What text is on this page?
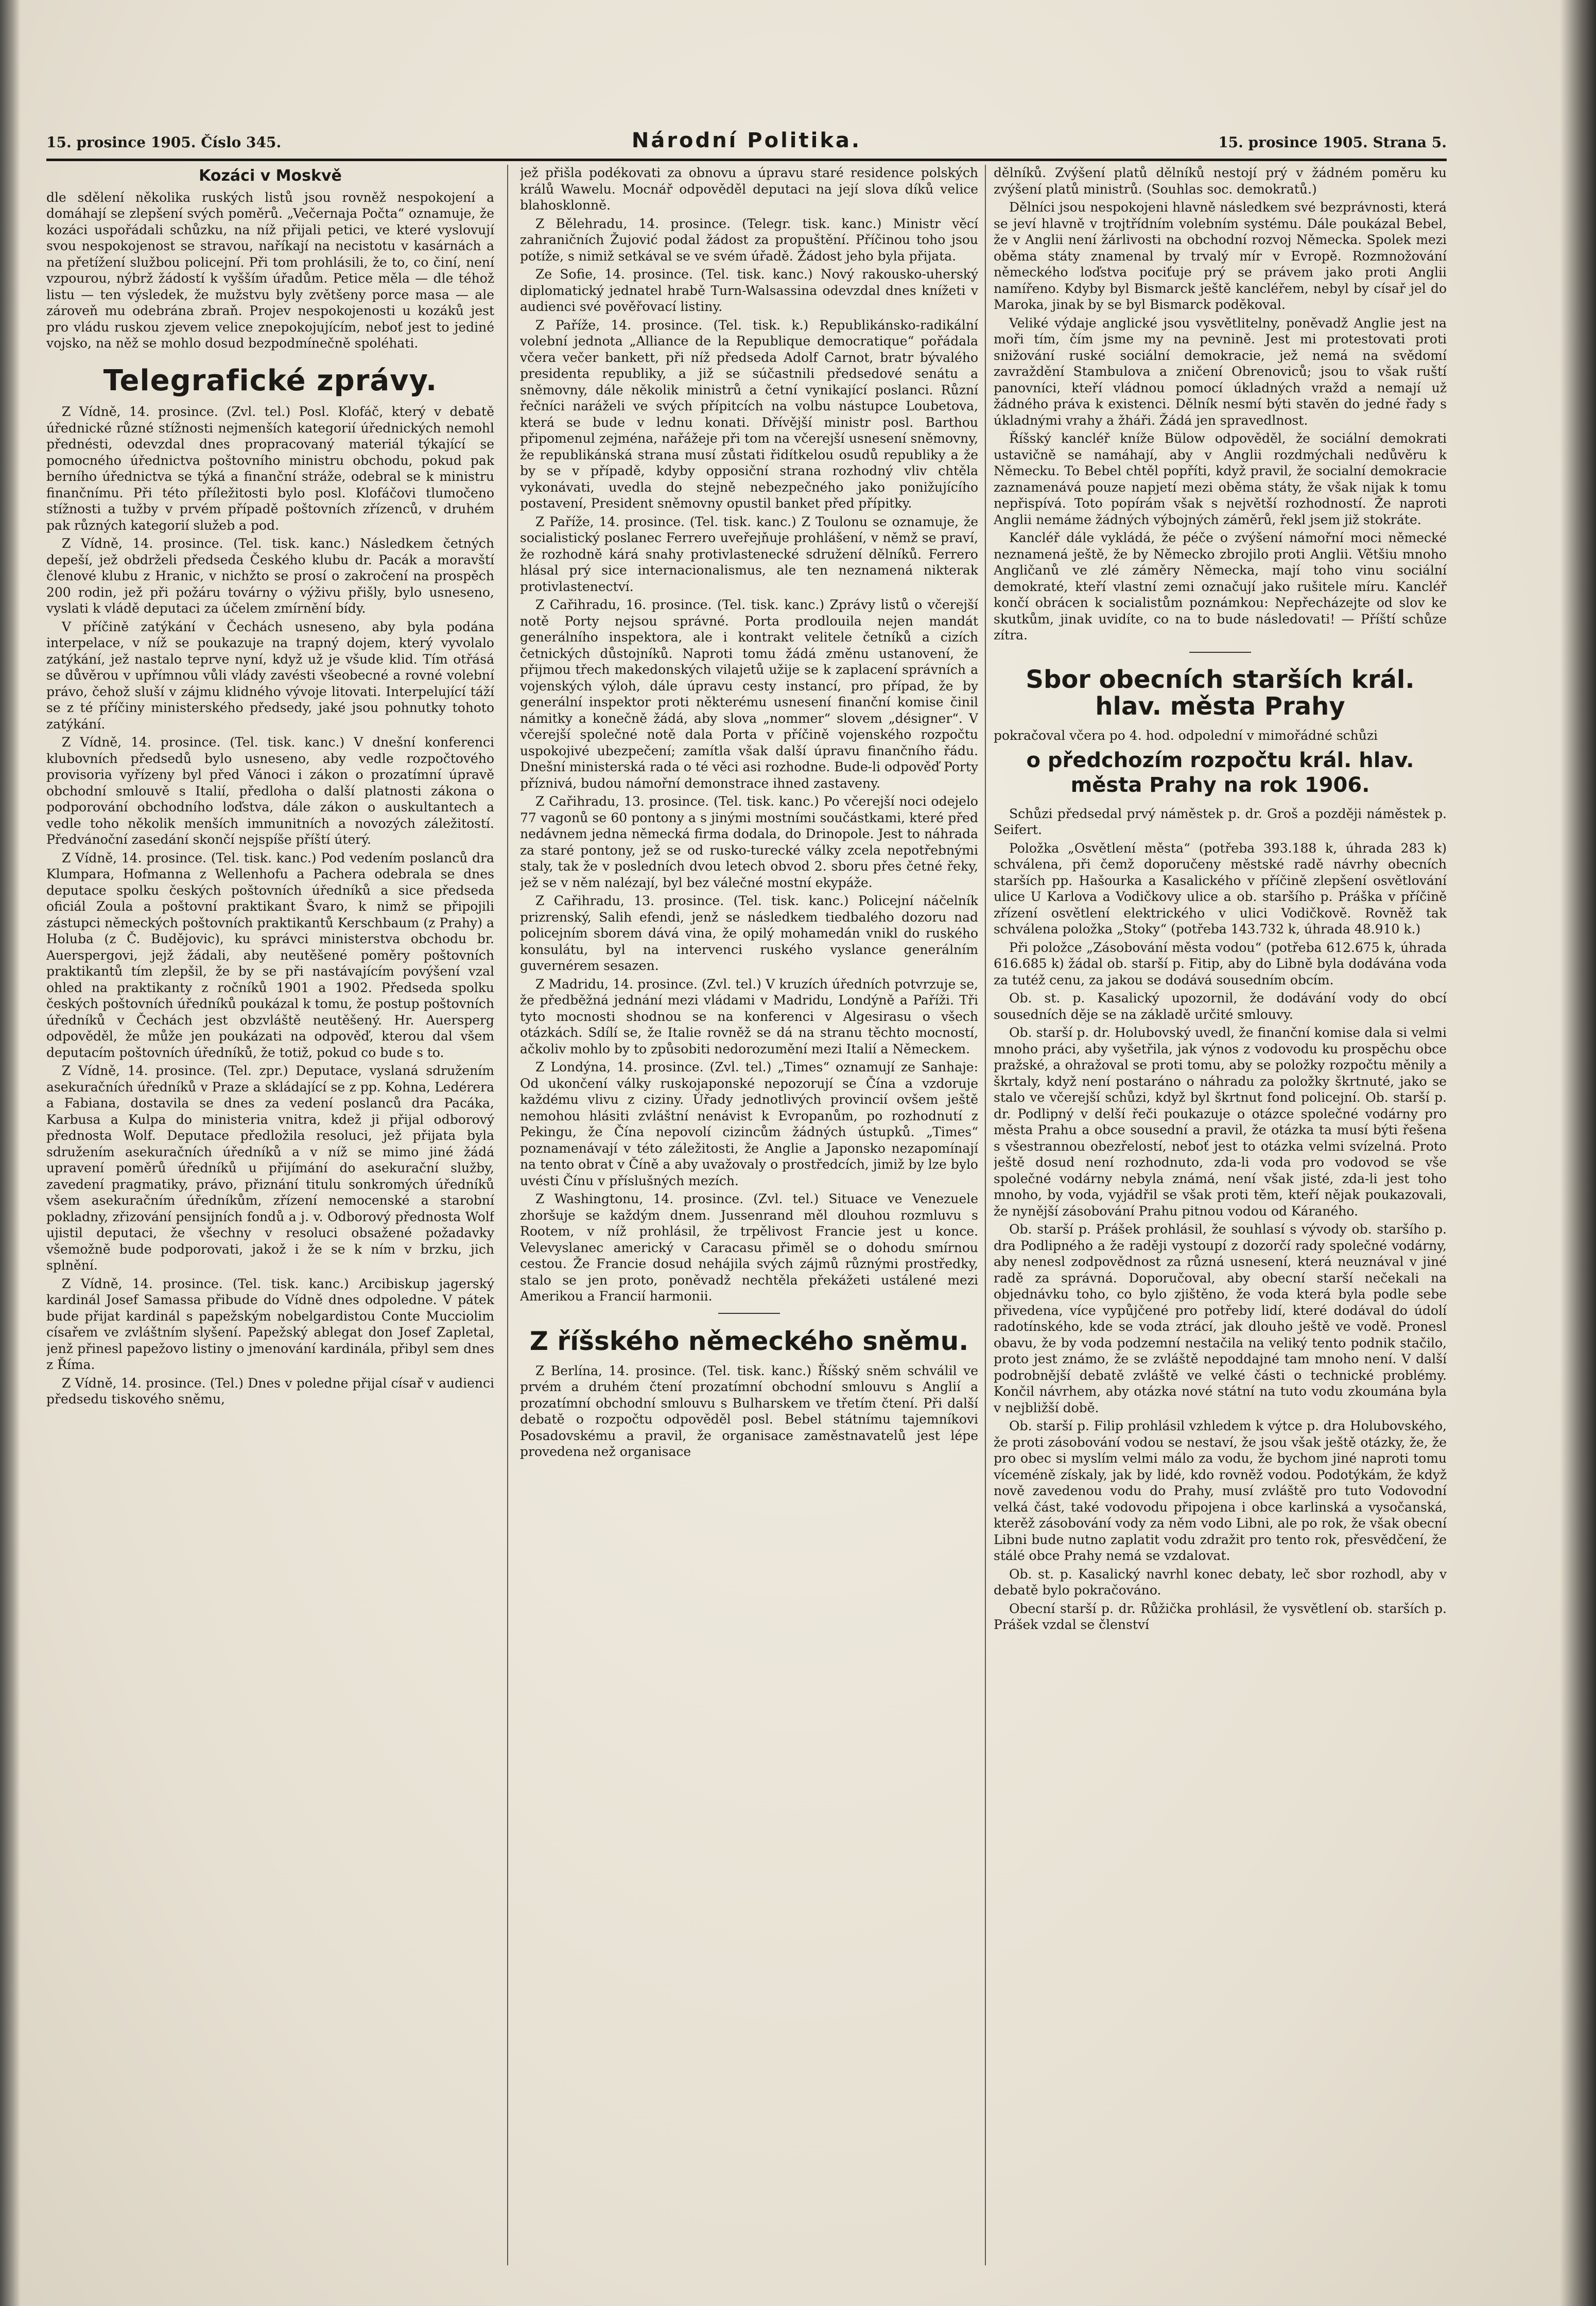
15. prosince 1905. Číslo 345.	Národní Politika.	15. prosince 1905. Strana 5.
Kozáci v Moskvě

dle sdělení několika ruských listů jsou rovněž nespokojení a domáhají se zlepšení svých poměrů. „Večernaja Počta“ oznamuje, že kozáci uspořádali schůzku, na níž přijali petici, ve které vyslovují svou nespokojenost se stravou, naříkají na necistotu v kasárnách a na přetížení službou policejní. Při tom prohlásili, že to, co činí, není vzpourou, nýbrž žádostí k vyšším úřadům. Petice měla — dle téhož listu — ten výsledek, že mužstvu byly zvětšeny porce masa — ale zároveň mu odebrána zbraň. Projev nespokojenosti u kozáků jest pro vládu ruskou zjevem velice znepokojujícím, neboť jest to jediné vojsko, na něž se mohlo dosud bezpodmínečně spoléhati.

Telegrafické zprávy.

Z Vídně, 14. prosince. (Zvl. tel.) Posl. Klofáč, který v debatě úřednické různé stížnosti nejmenších kategorií úřednických nemohl přednésti, odevzdal dnes propracovaný materiál týkající se pomocného úřednictva poštovního ministru obchodu, pokud pak berního úřednictva se týká a finanční stráže, odebral se k ministru finančnímu. Při této příležitosti bylo posl. Klofáčovi tlumočeno stížnosti a tužby v prvém případě poštovních zřízenců, v druhém pak různých kategorií služeb a pod.

Z Vídně, 14. prosince. (Tel. tisk. kanc.) Následkem četných depeší, jež obdrželi předseda Českého klubu dr. Pacák a moravští členové klubu z Hranic, v nichžto se prosí o zakročení na prospěch 200 rodin, jež při požáru továrny o výživu přišly, bylo usneseno, vyslati k vládě deputaci za účelem zmírnění bídy.

V příčině zatýkání v Čechách usneseno, aby byla podána interpelace, v níž se poukazuje na trapný dojem, který vyvolalo zatýkání, jež nastalo teprve nyní, když už je všude klid. Tím otřásá se důvěrou v upřímnou vůli vlády zavésti všeobecné a rovné volební právo, čehož sluší v zájmu klidného vývoje litovati. Interpelující táží se z té příčiny ministerského předsedy, jaké jsou pohnutky tohoto zatýkání.

Z Vídně, 14. prosince. (Tel. tisk. kanc.) V dnešní konferenci klubovních předsedů bylo usneseno, aby vedle rozpočtového provisoria vyřízeny byl před Vánoci i zákon o prozatímní úpravě obchodní smlouvě s Italií, předloha o další platnosti zákona o podporování obchodního loďstva, dále zákon o auskultantech a vedle toho několik menších immunitních a novozých záležitostí. Předvánoční zasedání skončí nejspíše příští úterý.

Z Vídně, 14. prosince. (Tel. tisk. kanc.) Pod vedením poslanců dra Klumpara, Hofmanna z Wellenhofu a Pachera odebrala se dnes deputace spolku českých poštovních úředníků a sice předseda oficiál Zoula a poštovní praktikant Švaro, k nimž se připojili zástupci německých poštovních praktikantů Kerschbaum (z Prahy) a Holuba (z Č. Budějovic), ku správci ministerstva obchodu br. Auerspergovi, jejž žádali, aby neutěšené poměry poštovních praktikantů tím zlepšil, že by se při nastávajícím povýšení vzal ohled na praktikanty z ročníků 1901 a 1902. Předseda spolku českých poštovních úředníků poukázal k tomu, že postup poštovních úředníků v Čechách jest obzvláště neutěšený. Hr. Auersperg odpověděl, že může jen poukázati na odpověď, kterou dal všem deputacím poštovních úředníků, že totiž, pokud co bude s to.

Z Vídně, 14. prosince. (Tel. zpr.) Deputace, vyslaná sdružením asekuračních úředníků v Praze a skládající se z pp. Kohna, Ledérera a Fabiana, dostavila se dnes za vedení poslanců dra Pacáka, Karbusa a Kulpa do ministeria vnitra, kdež ji přijal odborový přednosta Wolf. Deputace předložila resoluci, jež přijata byla sdružením asekuračních úředníků a v níž se mimo jiné žádá upravení poměrů úředníků u přijímání do asekurační služby, zavedení pragmatiky, právo, přiznání titulu sonkromých úředníků všem asekuračním úředníkům, zřízení nemocenské a starobní pokladny, zřizování pensijních fondů a j. v. Odborový přednosta Wolf ujistil deputaci, že všechny v resoluci obsažené požadavky všemožně bude podporovati, jakož i že se k ním v brzku, jich splnění.

Z Vídně, 14. prosince. (Tel. tisk. kanc.) Arcibiskup jagerský kardinál Josef Samassa přibude do Vídně dnes odpoledne. V pátek bude přijat kardinál s papežským nobelgardistou Conte Mucciolim císařem ve zvláštním slyšení. Papežský ablegat don Josef Zapletal, jenž přinesl papežovo listiny o jmenování kardinála, přibyl sem dnes z Říma.

Z Vídně, 14. prosince. (Tel.) Dnes v poledne přijal císař v audienci předsedu tiskového sněmu,

jež přišla podékovati za obnovu a úpravu staré residence polských králů Wawelu. Mocnář odpověděl deputaci na její slova díků velice blahosklonně.

Z Bělehradu, 14. prosince. (Telegr. tisk. kanc.) Ministr věcí zahraničních Žujović podal žádost za propuštění. Příčinou toho jsou potíže, s nimiž setkával se ve svém úřadě. Žádost jeho byla přijata.

Ze Sofie, 14. prosince. (Tel. tisk. kanc.) Nový rakousko-uherský diplomatický jednatel hrabě Turn-Walsassina odevzdal dnes knížeti v audienci své pověřovací listiny.

Z Paříže, 14. prosince. (Tel. tisk. k.) Republikánsko-radikální volební jednota „Alliance de la Republique democratique“ pořádala včera večer bankett, při níž předseda Adolf Carnot, bratr bývalého presidenta republiky, a již se súčastnili předsedové senátu a sněmovny, dále několik ministrů a četní vynikající poslanci. Různí řečníci naráželi ve svých přípitcích na volbu nástupce Loubetova, která se bude v lednu konati. Dřívější ministr posl. Barthou připomenul zejména, nařážeje při tom na včerejší usnesení sněmovny, že republikánská strana musí zůstati řidítkelou osudů republiky a že by se v případě, kdyby opposiční strana rozhodný vliv chtěla vykonávati, uvedla do stejně nebezpečného jako ponižujícího postavení, President sněmovny opustil banket před přípitky.

Z Paříže, 14. prosince. (Tel. tisk. kanc.) Z Toulonu se oznamuje, že socialistický poslanec Ferrero uveřejňuje prohlášení, v němž se praví, že rozhodně kárá snahy protivlastenecké sdružení dělníků. Ferrero hlásal prý sice internacionalismus, ale ten neznamená nikterak protivlastenectví.

Z Cařihradu, 16. prosince. (Tel. tisk. kanc.) Zprávy listů o včerejší notě Porty nejsou správné. Porta prodlouila nejen mandát generálního inspektora, ale i kontrakt velitele četníků a cizích četnických důstojníků. Naproti tomu žádá změnu ustanovení, že přijmou třech makedonských vilajetů užije se k zaplacení správních a vojenských výloh, dále úpravu cesty instancí, pro případ, že by generální inspektor proti některému usnesení finanční komise činil námitky a konečně žádá, aby slova „nommer“ slovem „désigner“. V včerejší společné notě dala Porta v příčině vojenského rozpočtu uspokojivé ubezpečení; zamítla však další úpravu finančního řádu. Dnešní ministerská rada o té věci asi rozhodne. Bude-li odpověď Porty příznivá, budou námořní demonstrace ihned zastaveny.

Z Cařihradu, 13. prosince. (Tel. tisk. kanc.) Po včerejší noci odejelo 77 vagonů se 60 pontony a s jinými mostními součástkami, které před nedávnem jedna německá firma dodala, do Drinopole. Jest to náhrada za staré pontony, jež se od rusko-turecké války zcela nepotřebnými staly, tak že v posledních dvou letech obvod 2. sboru přes četné řeky, jež se v něm nalézají, byl bez válečné mostní ekypáže.

Z Cařihradu, 13. prosince. (Tel. tisk. kanc.) Policejní náčelník prizrenský, Salih efendi, jenž se následkem tiedbalého dozoru nad policejním sborem dává vina, že opilý mohamedán vnikl do ruského konsulátu, byl na intervenci ruského vyslance generálním guvernérem sesazen.

Z Madridu, 14. prosince. (Zvl. tel.) V kruzích úředních potvrzuje se, že předběžná jednání mezi vládami v Madridu, Londýně a Paříži. Tři tyto mocnosti shodnou se na konferenci v Algesirasu o všech otázkách. Sdílí se, že Italie rovněž se dá na stranu těchto mocností, ačkoliv mohlo by to způsobiti nedorozumění mezi Italií a Německem.

Z Londýna, 14. prosince. (Zvl. tel.) „Times“ oznamují ze Sanhaje: Od ukončení války ruskojaponské nepozorují se Čína a vzdoruje každému vlivu z ciziny. Úřady jednotlivých provincií ovšem ještě nemohou hlásiti zvláštní nenávist k Evropanům, po rozhodnutí z Pekingu, že Čína nepovolí cizincům žádných ústupků. „Times“ poznamenávají v této záležitosti, že Anglie a Japonsko nezapomínají na tento obrat v Číně a aby uvažovaly o prostředcích, jimiž by lze bylo uvésti Čínu v příslušných mezích.

Z Washingtonu, 14. prosince. (Zvl. tel.) Situace ve Venezuele zhoršuje se každým dnem. Jussenrand měl dlouhou rozmluvu s Rootem, v níž prohlásil, že trpělivost Francie jest u konce. Velevyslanec americký v Caracasu přiměl se o dohodu smírnou cestou. Že Francie dosud nehájila svých zájmů různými prostředky, stalo se jen proto, poněvadž nechtěla překážeti ustálené mezi Amerikou a Francií harmonii.

Z říšského německého sněmu.

Z Berlína, 14. prosince. (Tel. tisk. kanc.) Říšský sněm schválil ve prvém a druhém čtení prozatímní obchodní smlouvu s Anglií a prozatímní obchodní smlouvu s Bulharskem ve třetím čtení. Při další debatě o rozpočtu odpověděl posl. Bebel státnímu tajemníkovi Posadovskému a pravil, že organisace zaměstnavatelů jest lépe provedena než organisace

dělníků. Zvýšení platů dělníků nestojí prý v žádném poměru ku zvýšení platů ministrů. (Souhlas soc. demokratů.)

Dělníci jsou nespokojeni hlavně následkem své bezprávnosti, která se jeví hlavně v trojtřídním volebním systému. Dále poukázal Bebel, že v Anglii není žárlivosti na obchodní rozvoj Německa. Spolek mezi oběma státy znamenal by trvalý mír v Evropě. Rozmnožování německého loďstva pociťuje prý se právem jako proti Anglii namířeno. Kdyby byl Bismarck ještě kancléřem, nebyl by císař jel do Maroka, jinak by se byl Bismarck poděkoval.

Veliké výdaje anglické jsou vysvětlitelny, poněvadž Anglie jest na moři tím, čím jsme my na pevnině. Jest mi protestovati proti snižování ruské sociální demokracie, jež nemá na svědomí zavraždění Stambulova a zničení Obrenoviců; jsou to však ruští panovníci, kteří vládnou pomocí úkladných vražd a nemají už žádného práva k existenci. Dělník nesmí býti stavěn do jedné řady s úkladnými vrahy a žháři. Žádá jen spravedlnost.

Říšský kancléř kníže Bülow odpověděl, že sociální demokrati ustavičně se namáhají, aby v Anglii rozdmýchali nedůvěru k Německu. To Bebel chtěl popříti, když pravil, že socialní demokracie zaznamenává pouze napjetí mezi oběma státy, že však nijak k tomu nepřispívá. Toto popírám však s největší rozhodností. Že naproti Anglii nemáme žádných výbojných záměrů, řekl jsem již stokráte.

Kancléř dále vykládá, že péče o zvýšení námořní moci německé neznamená ještě, že by Německo zbrojilo proti Anglii. Většiu mnoho Angličanů ve zlé záměry Německa, mají toho vinu sociální demokraté, kteří vlastní zemi označují jako rušitele míru. Kancléř končí obrácen k socialistům poznámkou: Nepřecházejte od slov ke skutkům, jinak uvidíte, co na to bude následovati! — Příští schůze zítra.

Sbor obecních starších král. hlav. města Prahy

pokračoval včera po 4. hod. odpolední v mimořádné schůzi

o předchozím rozpočtu král. hlav. města Prahy na rok 1906.

Schůzi předsedal prvý náměstek p. dr. Groš a později náměstek p. Seifert.

Položka „Osvětlení města“ (potřeba 393.188 k, úhrada 283 k) schválena, při čemž doporučeny městské radě návrhy obecních starších pp. Hašourka a Kasalického v příčině zlepšení osvětlování ulice U Karlova a Vodičkovy ulice a ob. staršího p. Práška v příčině zřízení osvětlení elektrického v ulici Vodičkově. Rovněž tak schválena položka „Stoky“ (potřeba 143.732 k, úhrada 48.910 k.)

Při položce „Zásobování města vodou“ (potřeba 612.675 k, úhrada 616.685 k) žádal ob. starší p. Fitip, aby do Libně byla dodávána voda za tutéž cenu, za jakou se dodává sousedním obcím.

Ob. st. p. Kasalický upozornil, že dodávání vody do obcí sousedních děje se na základě určité smlouvy.

Ob. starší p. dr. Holubovský uvedl, že finanční komise dala si velmi mnoho práci, aby vyšetřila, jak výnos z vodovodu ku prospěchu obce pražské, a ohražoval se proti tomu, aby se položky rozpočtu měnily a škrtaly, když není postaráno o náhradu za položky škrtnuté, jako se stalo ve včerejší schůzi, když byl škrtnut fond policejní. Ob. starší p. dr. Podlipný v delší řeči poukazuje o otázce společné vodárny pro města Prahu a obce sousední a pravil, že otázka ta musí býti řešena s všestrannou obezřelostí, neboť jest to otázka velmi svízelná. Proto ještě dosud není rozhodnuto, zda-li voda pro vodovod se vše společné vodárny nebyla známá, není však jisté, zda-li jest toho mnoho, by voda, vyjádřil se však proti těm, kteří nějak poukazovali, že nynější zásobování Prahu pitnou vodou od Káraného.

Ob. starší p. Prášek prohlásil, že souhlasí s vývody ob. staršího p. dra Podlipného a že raději vystoupí z dozorčí rady společné vodárny, aby nenesl zodpovědnost za různá usnesení, která neuznával v jiné radě za správná. Doporučoval, aby obecní starší nečekali na objednávku toho, co bylo zjištěno, že voda která byla podle sebe přivedena, více vypůjčené pro potřeby lidí, které dodával do údolí radotínského, kde se voda ztrácí, jak dlouho ještě ve vodě. Pronesl obavu, že by voda podzemní nestačila na veliký tento podnik stačilo, proto jest známo, že se zvláště nepoddajné tam mnoho není. V další podrobnější debatě zvláště ve velké části o technické problémy. Končil návrhem, aby otázka nové státní na tuto vodu zkoumána byla v nejbližší době.

Ob. starší p. Filip prohlásil vzhledem k výtce p. dra Holubovského, že proti zásobování vodou se nestaví, že jsou však ještě otázky, že, že pro obec si myslím velmi málo za vodu, že bychom jiné naproti tomu víceméně získaly, jak by lidé, kdo rovněž vodou. Podotýkám, že když nově zavedenou vodu do Prahy, musí zvláště pro tuto Vodovodní velká část, také vodovodu připojena i obce karlinská a vysočanská, kterěž zásobování vody za něm vodo Libni, ale po rok, že však obecní Libni bude nutno zaplatit vodu zdražit pro tento rok, přesvědčení, že stálé obce Prahy nemá se vzdalovat.

Ob. st. p. Kasalický navrhl konec debaty, leč sbor rozhodl, aby v debatě bylo pokračováno.

Obecní starší p. dr. Růžička prohlásil, že vysvětlení ob. starších p. Prášek vzdal se členství
